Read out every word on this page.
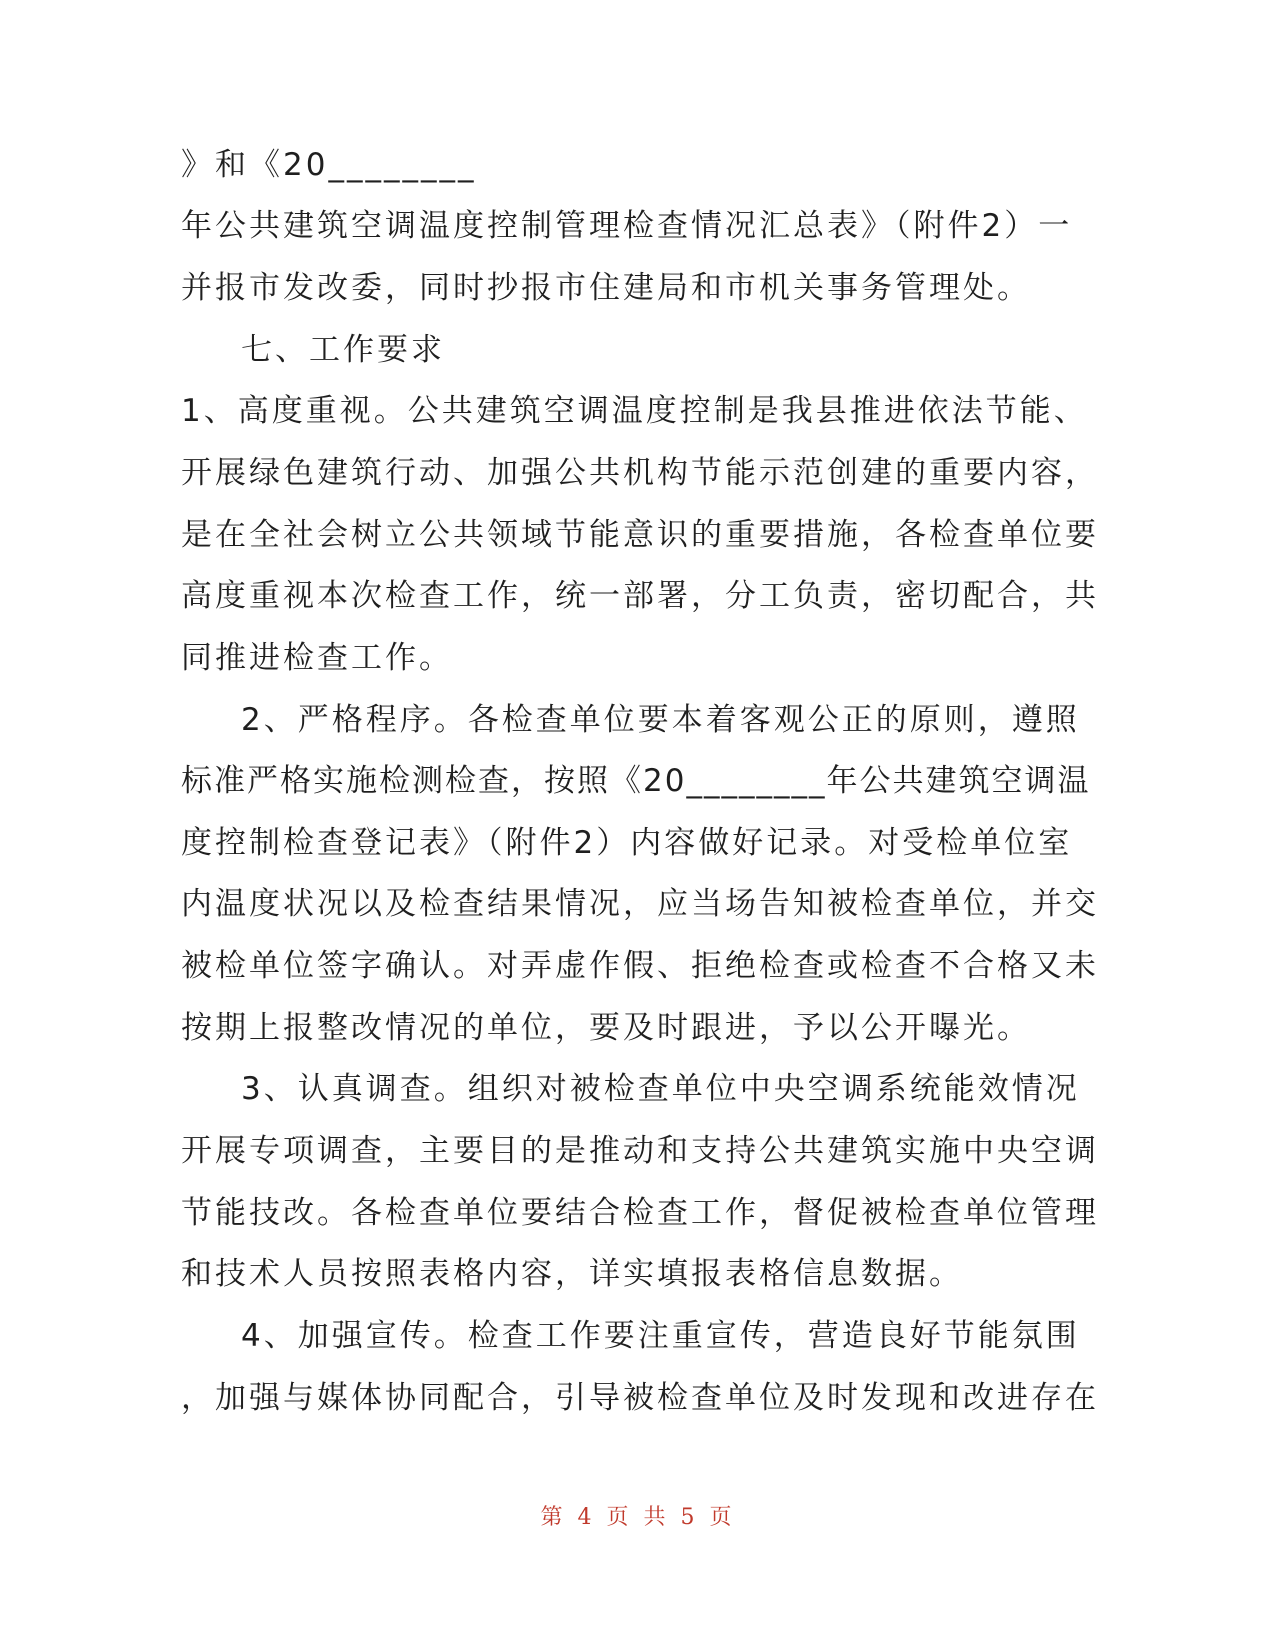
》和《20________
年公共建筑空调温度控制管理检查情况汇总表》（附件2）一
并报市发改委，同时抄报市住建局和市机关事务管理处。
七、工作要求
1、高度重视。公共建筑空调温度控制是我县推进依法节能、
开展绿色建筑行动、加强公共机构节能示范创建的重要内容，
是在全社会树立公共领域节能意识的重要措施，各检查单位要
高度重视本次检查工作，统一部署，分工负责，密切配合，共
同推进检查工作。
2、严格程序。各检查单位要本着客观公正的原则，遵照
标准严格实施检测检查，按照《20________年公共建筑空调温
度控制检查登记表》（附件2）内容做好记录。对受检单位室
内温度状况以及检查结果情况，应当场告知被检查单位，并交
被检单位签字确认。对弄虚作假、拒绝检查或检查不合格又未
按期上报整改情况的单位，要及时跟进，予以公开曝光。
3、认真调查。组织对被检查单位中央空调系统能效情况
开展专项调查，主要目的是推动和支持公共建筑实施中央空调
节能技改。各检查单位要结合检查工作，督促被检查单位管理
和技术人员按照表格内容，详实填报表格信息数据。
4、加强宣传。检查工作要注重宣传，营造良好节能氛围
，加强与媒体协同配合，引导被检查单位及时发现和改进存在
第 4 页 共 5 页
